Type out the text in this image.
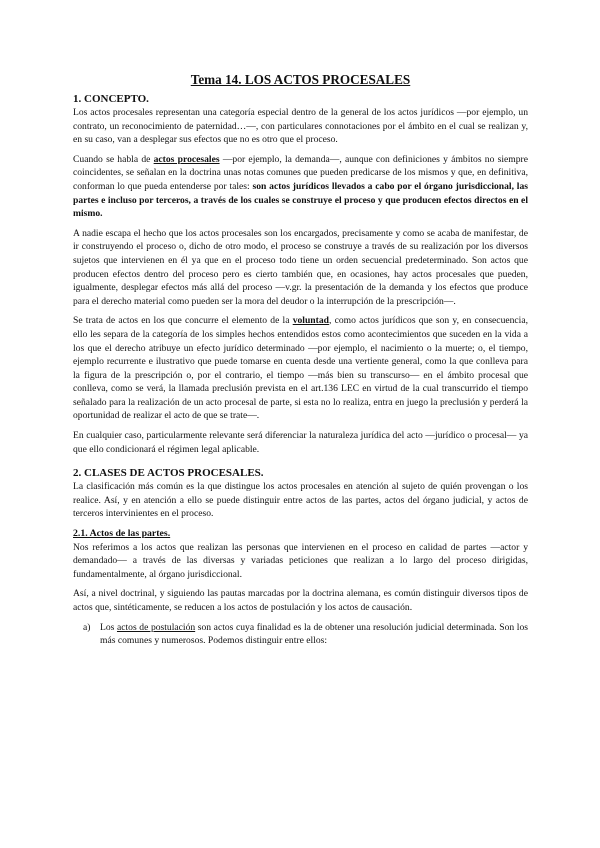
Tema 14. LOS ACTOS PROCESALES
1. CONCEPTO.

Los actos procesales representan una categoría especial dentro de la general de los actos jurídicos —por ejemplo, un contrato, un reconocimiento de paternidad…—, con particulares connotaciones por el ámbito en el cual se realizan y, en su caso, van a desplegar sus efectos que no es otro que el proceso.

Cuando se habla de actos procesales —por ejemplo, la demanda—, aunque con definiciones y ámbitos no siempre coincidentes, se señalan en la doctrina unas notas comunes que pueden predicarse de los mismos y que, en definitiva, conforman lo que pueda entenderse por tales: son actos jurídicos llevados a cabo por el órgano jurisdiccional, las partes e incluso por terceros, a través de los cuales se construye el proceso y que producen efectos directos en el mismo.

A nadie escapa el hecho que los actos procesales son los encargados, precisamente y como se acaba de manifestar, de ir construyendo el proceso o, dicho de otro modo, el proceso se construye a través de su realización por los diversos sujetos que intervienen en él ya que en el proceso todo tiene un orden secuencial predeterminado. Son actos que producen efectos dentro del proceso pero es cierto también que, en ocasiones, hay actos procesales que pueden, igualmente, desplegar efectos más allá del proceso —v.gr. la presentación de la demanda y los efectos que produce para el derecho material como pueden ser la mora del deudor o la interrupción de la prescripción—.

Se trata de actos en los que concurre el elemento de la voluntad, como actos jurídicos que son y, en consecuencia, ello les separa de la categoría de los simples hechos entendidos estos como acontecimientos que suceden en la vida a los que el derecho atribuye un efecto jurídico determinado —por ejemplo, el nacimiento o la muerte; o, el tiempo, ejemplo recurrente e ilustrativo que puede tomarse en cuenta desde una vertiente general, como la que conlleva para la figura de la prescripción o, por el contrario, el tiempo —más bien su transcurso— en el ámbito procesal que conlleva, como se verá, la llamada preclusión prevista en el art.136 LEC en virtud de la cual transcurrido el tiempo señalado para la realización de un acto procesal de parte, si esta no lo realiza, entra en juego la preclusión y perderá la oportunidad de realizar el acto de que se trate—.

En cualquier caso, particularmente relevante será diferenciar la naturaleza jurídica del acto —jurídico o procesal— ya que ello condicionará el régimen legal aplicable.

2. CLASES DE ACTOS PROCESALES.

La clasificación más común es la que distingue los actos procesales en atención al sujeto de quién provengan o los realice. Así, y en atención a ello se puede distinguir entre actos de las partes, actos del órgano judicial, y actos de terceros intervinientes en el proceso.

2.1. Actos de las partes.

Nos referimos a los actos que realizan las personas que intervienen en el proceso en calidad de partes —actor y demandado— a través de las diversas y variadas peticiones que realizan a lo largo del proceso dirigidas, fundamentalmente, al órgano jurisdiccional.

Así, a nivel doctrinal, y siguiendo las pautas marcadas por la doctrina alemana, es común distinguir diversos tipos de actos que, sintéticamente, se reducen a los actos de postulación y los actos de causación.

a) Los actos de postulación son actos cuya finalidad es la de obtener una resolución judicial determinada. Son los más comunes y numerosos. Podemos distinguir entre ellos:
